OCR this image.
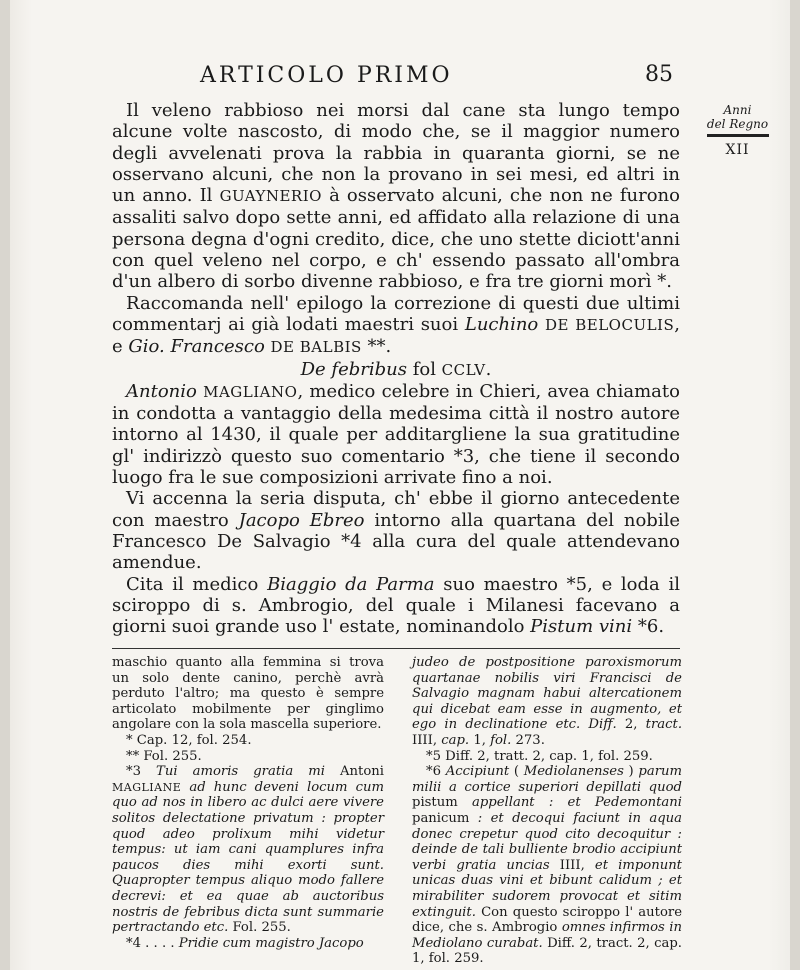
ARTICOLO PRIMO	85
Anni
del Regno
XII

Il veleno rabbioso nei morsi dal cane sta lungo tempo alcune volte nascosto, di modo che, se il maggior numero degli avvelenati prova la rabbia in quaranta giorni, se ne osservano alcuni, che non la provano in sei mesi, ed altri in un anno. Il GUAYNERIO à osservato alcuni, che non ne furono assaliti salvo dopo sette anni, ed affidato alla relazione di una persona degna d'ogni credito, dice, che uno stette diciott'anni con quel veleno nel corpo, e ch' essendo passato all'ombra d'un albero di sorbo divenne rabbioso, e fra tre giorni morì *.

Raccomanda nell' epilogo la correzione di questi due ultimi commentarj ai già lodati maestri suoi Luchino DE BELOCULIS, e Gio. Francesco DE BALBIS **.

De febribus fol CCLV.

Antonio MAGLIANO, medico celebre in Chieri, avea chiamato in condotta a vantaggio della medesima città il nostro autore intorno al 1430, il quale per additargliene la sua gratitudine gl' indirizzò questo suo comentario *3, che tiene il secondo luogo fra le sue composizioni arrivate fino a noi.

Vi accenna la seria disputa, ch' ebbe il giorno antecedente con maestro Jacopo Ebreo intorno alla quartana del nobile Francesco De Salvagio *4 alla cura del quale attendevano amendue.

Cita il medico Biaggio da Parma suo maestro *5, e loda il sciroppo di s. Ambrogio, del quale i Milanesi facevano a giorni suoi grande uso l' estate, nominandolo Pistum vini *6.

maschio quanto alla femmina si trova un solo dente canino, perchè avrà perduto l'altro; ma questo è sempre articolato mobilmente per ginglimo angolare con la sola mascella superiore.

* Cap. 12, fol. 254.

** Fol. 255.

*3 Tui amoris gratia mi Antoni MAGLIANE ad hunc deveni locum cum quo ad nos in libero ac dulci aere vivere solitos delectatione privatum : propter quod adeo prolixum mihi videtur tempus: ut iam cani quamplures infra paucos dies mihi exorti sunt. Quapropter tempus aliquo modo fallere decrevi: et ea quae ab auctoribus nostris de febribus dicta sunt summarie pertractando etc. Fol. 255.

*4 . . . . Pridie cum magistro Jacopo

judeo de postpositione paroxismorum quartanae nobilis viri Francisci de Salvagio magnam habui altercationem qui dicebat eam esse in augmento, et ego in declinatione etc. Diff. 2, tract. IIII, cap. 1, fol. 273.

*5 Diff. 2, tratt. 2, cap. 1, fol. 259.

*6 Accipiunt ( Mediolanenses ) parum milii a cortice superiori depillati quod pistum appellant : et Pedemontani panicum : et decoqui faciunt in aqua donec crepetur quod cito decoquitur : deinde de tali bulliente brodio accipiunt verbi gratia uncias IIII, et imponunt unicas duas vini et bibunt calidum ; et mirabiliter sudorem provocat et sitim extinguit. Con questo sciroppo l' autore dice, che s. Ambrogio omnes infirmos in Mediolano curabat. Diff. 2, tract. 2, cap. 1, fol. 259.
